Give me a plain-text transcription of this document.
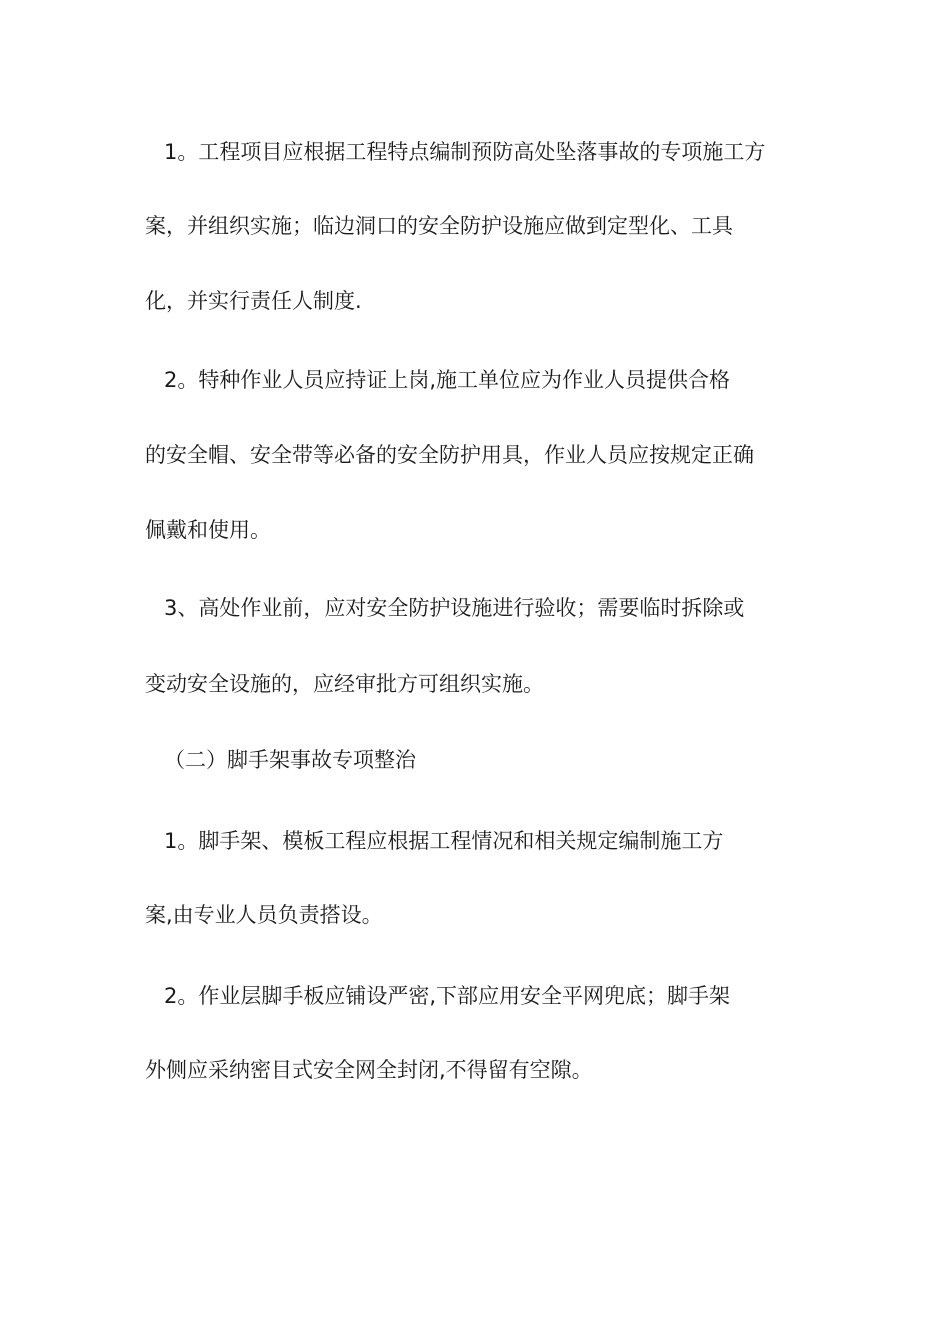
1。工程项目应根据工程特点编制预防高处坠落事故的专项施工方
案，并组织实施；临边洞口的安全防护设施应做到定型化、工具
化，并实行责任人制度.
2。特种作业人员应持证上岗,施工单位应为作业人员提供合格
的安全帽、安全带等必备的安全防护用具，作业人员应按规定正确
佩戴和使用。
3、高处作业前，应对安全防护设施进行验收；需要临时拆除或
变动安全设施的，应经审批方可组织实施。
（二）脚手架事故专项整治
1。脚手架、模板工程应根据工程情况和相关规定编制施工方
案,由专业人员负责搭设。
2。作业层脚手板应铺设严密,下部应用安全平网兜底；脚手架
外侧应采纳密目式安全网全封闭,不得留有空隙。
